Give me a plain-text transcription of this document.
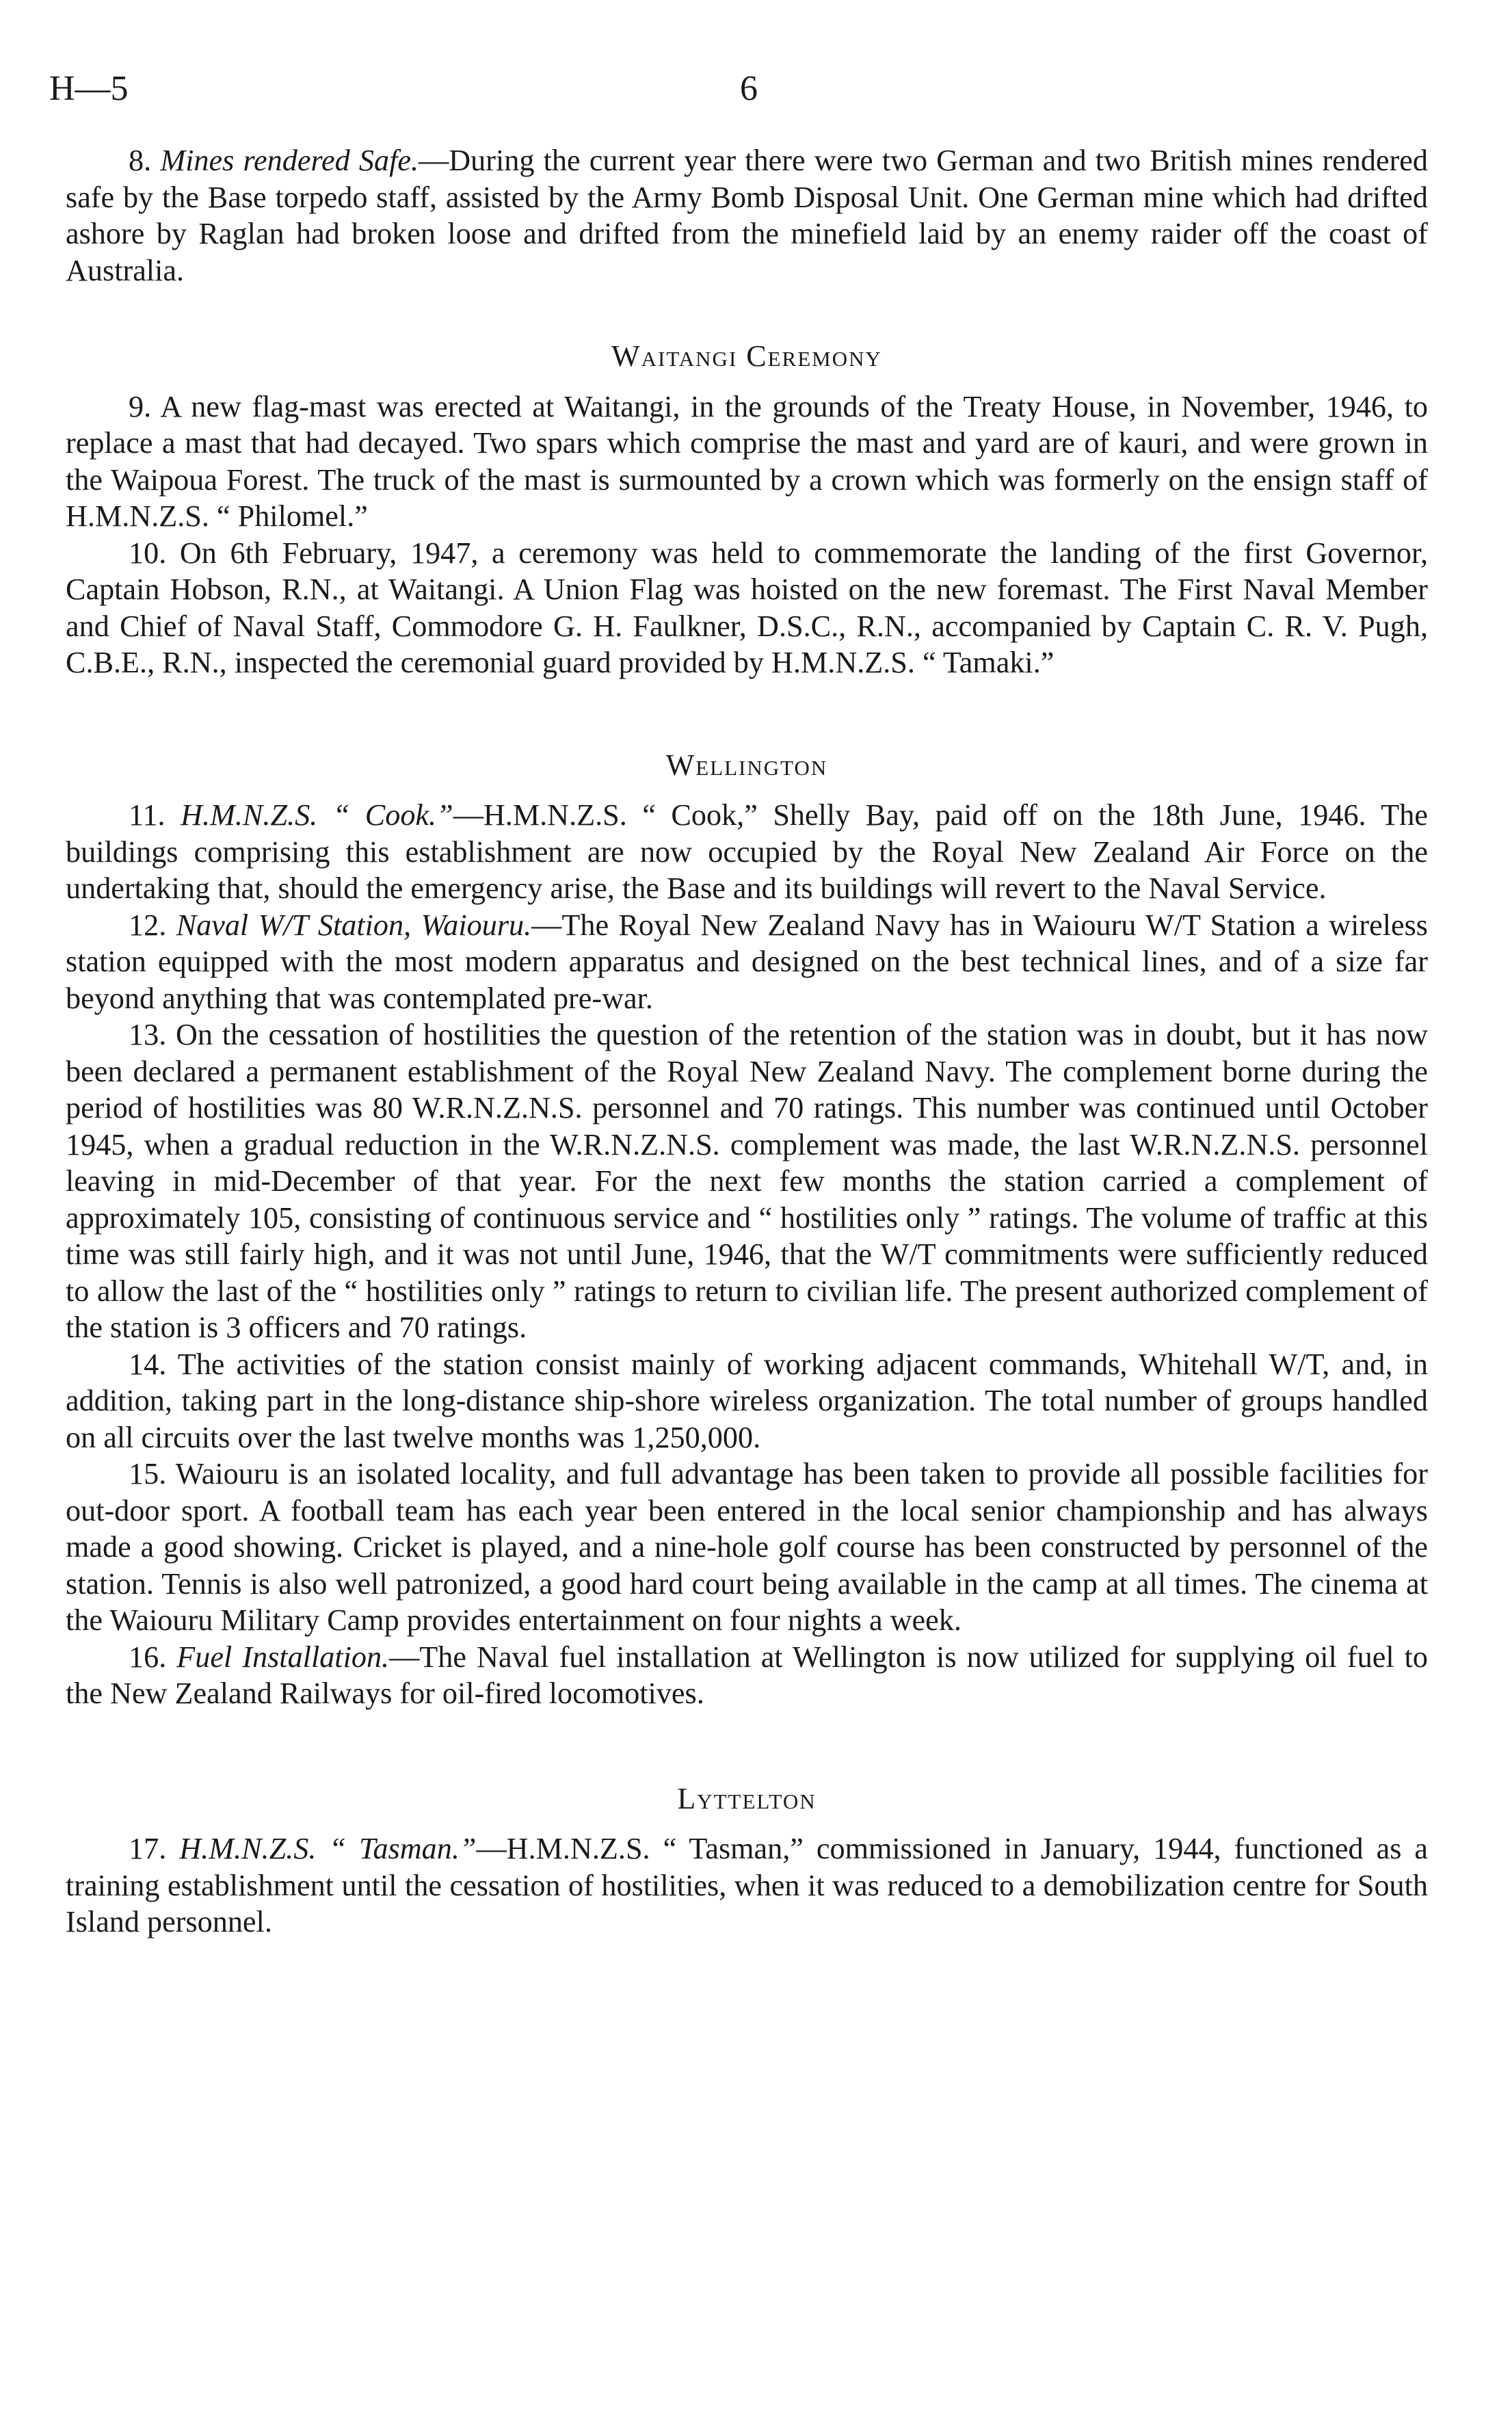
H—5	6

8. Mines rendered Safe.—During the current year there were two German and two British mines rendered safe by the Base torpedo staff, assisted by the Army Bomb Disposal Unit. One German mine which had drifted ashore by Raglan had broken loose and drifted from the minefield laid by an enemy raider off the coast of Australia.

Waitangi Ceremony

9. A new flag-mast was erected at Waitangi, in the grounds of the Treaty House, in November, 1946, to replace a mast that had decayed. Two spars which comprise the mast and yard are of kauri, and were grown in the Waipoua Forest. The truck of the mast is surmounted by a crown which was formerly on the ensign staff of H.M.N.Z.S. “ Philomel.”

10. On 6th February, 1947, a ceremony was held to commemorate the landing of the first Governor, Captain Hobson, R.N., at Waitangi. A Union Flag was hoisted on the new foremast. The First Naval Member and Chief of Naval Staff, Commodore G. H. Faulkner, D.S.C., R.N., accompanied by Captain C. R. V. Pugh, C.B.E., R.N., inspected the ceremonial guard provided by H.M.N.Z.S. “ Tamaki.”

Wellington

11. H.M.N.Z.S. “ Cook.”—H.M.N.Z.S. “ Cook,” Shelly Bay, paid off on the 18th June, 1946. The buildings comprising this establishment are now occupied by the Royal New Zealand Air Force on the undertaking that, should the emergency arise, the Base and its buildings will revert to the Naval Service.

12. Naval W/T Station, Waiouru.—The Royal New Zealand Navy has in Waiouru W/T Station a wireless station equipped with the most modern apparatus and designed on the best technical lines, and of a size far beyond anything that was contemplated pre-war.

13. On the cessation of hostilities the question of the retention of the station was in doubt, but it has now been declared a permanent establishment of the Royal New Zealand Navy. The complement borne during the period of hostilities was 80 W.R.N.Z.N.S. personnel and 70 ratings. This number was continued until October 1945, when a gradual reduction in the W.R.N.Z.N.S. complement was made, the last W.R.N.Z.N.S. personnel leaving in mid-December of that year. For the next few months the station carried a complement of approximately 105, consisting of continuous service and “ hostilities only ” ratings. The volume of traffic at this time was still fairly high, and it was not until June, 1946, that the W/T commitments were sufficiently reduced to allow the last of the “ hostilities only ” ratings to return to civilian life. The present authorized complement of the station is 3 officers and 70 ratings.

14. The activities of the station consist mainly of working adjacent commands, Whitehall W/T, and, in addition, taking part in the long-distance ship-shore wireless organization. The total number of groups handled on all circuits over the last twelve months was 1,250,000.

15. Waiouru is an isolated locality, and full advantage has been taken to provide all possible facilities for out-door sport. A football team has each year been entered in the local senior championship and has always made a good showing. Cricket is played, and a nine-hole golf course has been constructed by personnel of the station. Tennis is also well patronized, a good hard court being available in the camp at all times. The cinema at the Waiouru Military Camp provides entertainment on four nights a week.

16. Fuel Installation.—The Naval fuel installation at Wellington is now utilized for supplying oil fuel to the New Zealand Railways for oil-fired locomotives.

Lyttelton

17. H.M.N.Z.S. “ Tasman.”—H.M.N.Z.S. “ Tasman,” commissioned in January, 1944, functioned as a training establishment until the cessation of hostilities, when it was reduced to a demobilization centre for South Island personnel.
